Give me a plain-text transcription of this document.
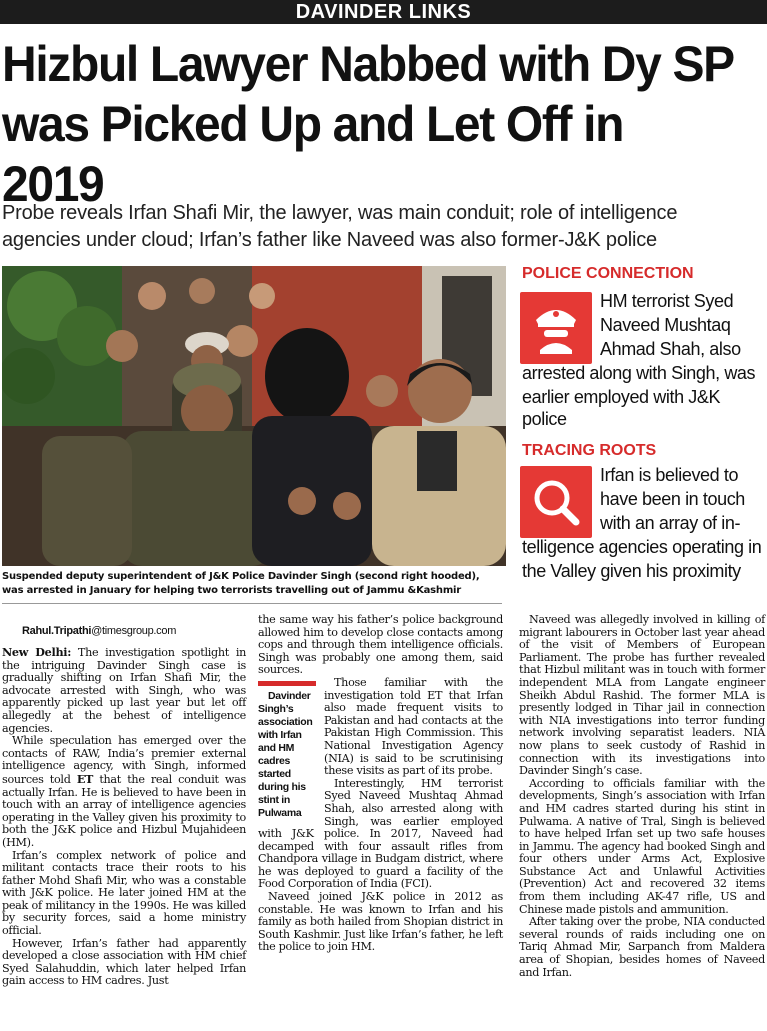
DAVINDER LINKS
Hizbul Lawyer Nabbed with Dy SP
was Picked Up and Let Off in 2019

Probe reveals Irfan Shafi Mir, the lawyer, was main conduit; role of intelligence
agencies under cloud; Irfan’s father like Naveed was also former-J&K police

Suspended deputy superintendent of J&K Police Davinder Singh (second right hooded),
was arrested in January for helping two terrorists travelling out of Jammu &Kashmir

POLICE CONNECTION

HM terrorist Syed
Naveed Mushtaq
Ahmad Shah, also
arrested along with Singh, was
earlier employed with J&K police

TRACING ROOTS

Irfan is believed to
have been in touch
with an array of in-
telligence agencies operating in
the Valley given his proximity

Rahul.Tripathi@timesgroup.com

New Delhi: The investigation spotlight in the intriguing Davinder Singh case is gradually shifting on Irfan Shafi Mir, the advocate arrested with Singh, who was apparently picked up last year but let off allegedly at the behest of intelligence agencies.

While speculation has emerged over the contacts of RAW, India’s premier external intelligence agency, with Singh, informed sources told ET that the real conduit was actually Irfan. He is believed to have been in touch with an array of intelligence agencies operating in the Valley given his proximity to both the J&K police and Hizbul Mujahideen (HM).

Irfan’s complex network of police and militant contacts trace their roots to his father Mohd Shafi Mir, who was a constable with J&K police. He later joined HM at the peak of militancy in the 1990s. He was killed by security forces, said a home ministry official.

However, Irfan’s father had apparently developed a close association with HM chief Syed Salahuddin, which later helped Irfan gain access to HM cadres. Just

the same way his father’s police background allowed him to develop close contacts among cops and through them intelligence officials. Singh was probably one among them, said sources.

Davinder Singh’s association with Irfan and HM cadres started during his stint in Pulwama
Those familiar with the investigation told ET that Irfan also made frequent visits to Pakistan and had contacts at the Pakistan High Commission. This National Investigation Agency (NIA) is said to be scrutinising these visits as part of its probe.

Interestingly, HM terrorist Syed Naveed Mushtaq Ahmad Shah, also arrested along with Singh, was earlier employed with J&K police. In 2017, Naveed had decamped with four assault rifles from Chandpora village in Budgam district, where he was deployed to guard a facility of the Food Corporation of India (FCI).

Naveed joined J&K police in 2012 as constable. He was known to Irfan and his family as both hailed from Shopian district in South Kashmir. Just like Irfan’s father, he left the police to join HM.

Naveed was allegedly involved in killing of migrant labourers in October last year ahead of the visit of Members of European Parliament. The probe has further revealed that Hizbul militant was in touch with former independent MLA from Langate engineer Sheikh Abdul Rashid. The former MLA is presently lodged in Tihar jail in connection with NIA investigations into terror funding network involving separatist leaders. NIA now plans to seek custody of Rashid in connection with its investigations into Davinder Singh’s case.

According to officials familiar with the developments, Singh’s association with Irfan and HM cadres started during his stint in Pulwama. A native of Tral, Singh is believed to have helped Irfan set up two safe houses in Jammu. The agency had booked Singh and four others under Arms Act, Explosive Substance Act and Unlawful Activities (Prevention) Act and recovered 32 items from them including AK-47 rifle, US and Chinese made pistols and ammunition.

After taking over the probe, NIA conducted several rounds of raids including one on Tariq Ahmad Mir, Sarpanch from Maldera area of Shopian, besides homes of Naveed and Irfan.
